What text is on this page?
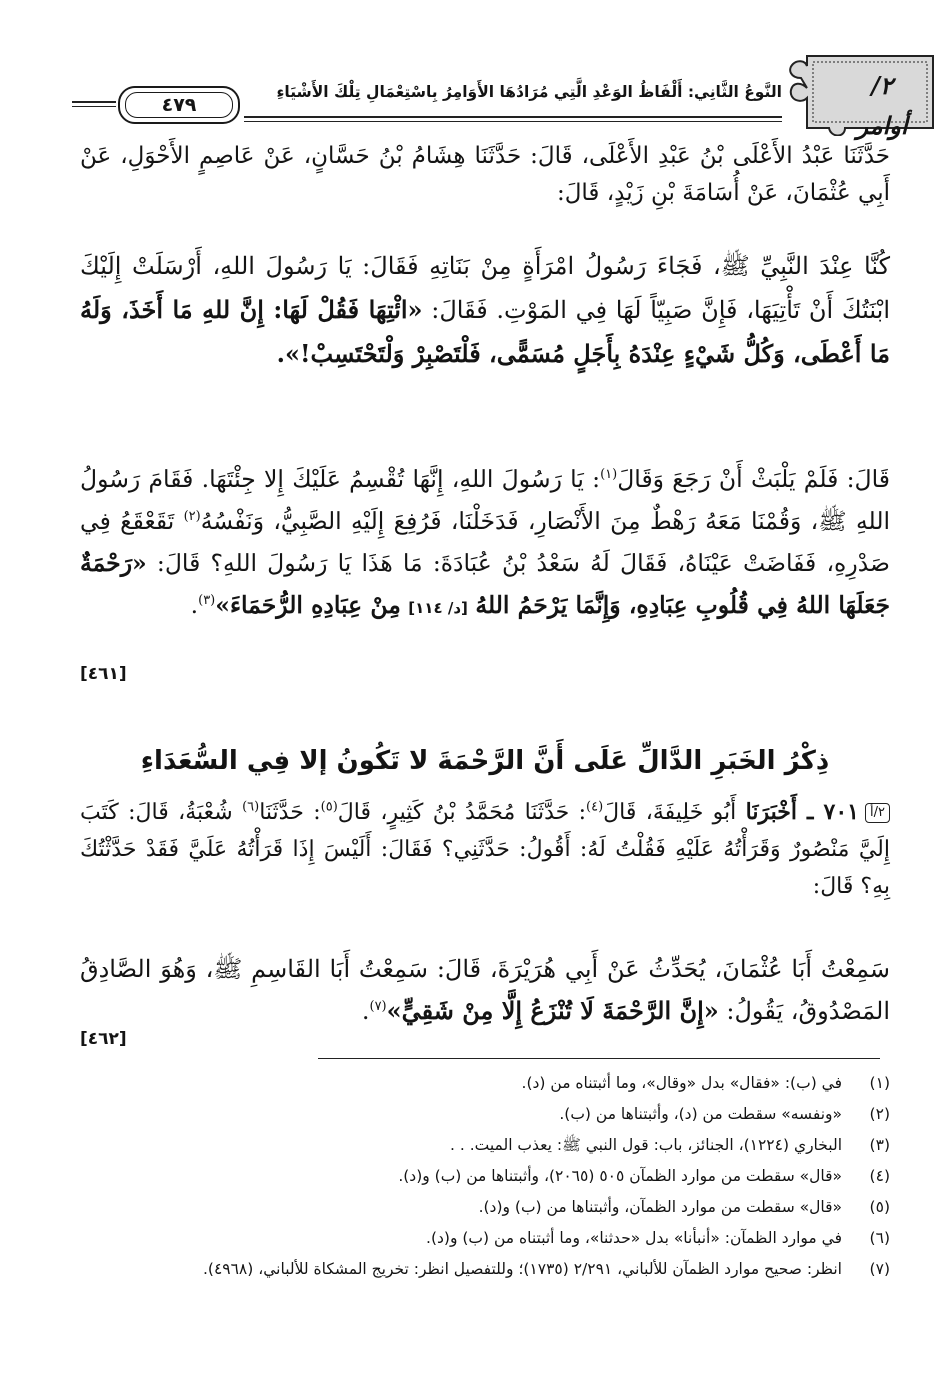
٤٧٩
النَّوعُ الثَّانِي: أَلْفَاظُ الوَعْدِ الَّتِي مُرَادُهَا الأَوَامِرُ بِاسْتِعْمَالِ تِلْكَ الأَشْيَاءِ	٢/أوامر
حَدَّثَنَا عَبْدُ الأَعْلَى بْنُ عَبْدِ الأَعْلَى، قَالَ: حَدَّثَنَا هِشَامُ بْنُ حَسَّانٍ، عَنْ عَاصِمٍ الأَحْوَلِ، عَنْ أَبِي عُثْمَانَ، عَنْ أُسَامَةَ بْنِ زَيْدٍ، قَالَ:
كُنَّا عِنْدَ النَّبِيِّ ﷺ، فَجَاءَ رَسُولُ امْرَأَةٍ مِنْ بَنَاتِهِ فَقَالَ: يَا رَسُولَ اللهِ، أَرْسَلَتْ إِلَيْكَ ابْنَتُكَ أَنْ تَأْتِيَهَا، فَإِنَّ صَبِيّاً لَهَا فِي المَوْتِ. فَقَالَ: «ائْتِهَا فَقُلْ لَهَا: إِنَّ للهِ مَا أَخَذَ، وَلَهُ مَا أَعْطَى، وَكُلُّ شَيْءٍ عِنْدَهُ بِأَجَلٍ مُسَمًّى، فَلْتَصْبِرْ وَلْتَحْتَسِبْ!».
قَالَ: فَلَمْ يَلْبَثْ أَنْ رَجَعَ وَقَالَ$^{(١)}$: يَا رَسُولَ اللهِ، إِنَّهَا تُقْسِمُ عَلَيْكَ إِلا جِئْتَهَا. فَقَامَ رَسُولُ اللهِ ﷺ، وَقُمْنَا مَعَهُ رَهْطٌ مِنَ الأَنْصَارِ، فَدَخَلْنَا، فَرُفِعَ إِلَيْهِ الصَّبِيُّ، وَنَفْسُهُ$^{(٢)}$ تَقَعْقَعُ فِي صَدْرِهِ، فَفَاضَتْ عَيْنَاهُ، فَقَالَ لَهُ سَعْدُ بْنُ عُبَادَةَ: مَا هَذَا يَا رَسُولَ اللهِ؟ قَالَ: «رَحْمَةٌ جَعَلَهَا اللهُ فِي قُلُوبِ عِبَادِهِ، وَإِنَّمَا يَرْحَمُ اللهُ [د/ ١١٤] مِنْ عِبَادِهِ الرُّحَمَاءَ»$^{(٣)}$.
[٤٦١]
ذِكْرُ الخَبَرِ الدَّالِّ عَلَى أَنَّ الرَّحْمَةَ لا تَكُونُ إلا فِي السُّعَدَاءِ
٢/أ٧٠١ ـ أَخْبَرَنَا أَبُو خَلِيفَةَ، قَالَ$^{(٤)}$: حَدَّثَنَا مُحَمَّدُ بْنُ كَثِيرٍ، قَالَ$^{(٥)}$: حَدَّثَنَا$^{(٦)}$ شُعْبَةُ، قَالَ: كَتَبَ إِلَيَّ مَنْصُورٌ وَقَرَأْتُهُ عَلَيْهِ فَقُلْتُ لَهُ: أَقُولُ: حَدَّثَنِي؟ فَقَالَ: أَلَيْسَ إِذَا قَرَأْتُهُ عَلَيَّ فَقَدْ حَدَّثْتُكَ بِهِ؟ قَالَ:
سَمِعْتُ أَبَا عُثْمَانَ، يُحَدِّثُ عَنْ أَبِي هُرَيْرَةَ، قَالَ: سَمِعْتُ أَبَا القَاسِمِ ﷺ، وَهُوَ الصَّادِقُ المَصْدُوقُ، يَقُولُ: «إِنَّ الرَّحْمَةَ لَا تُنْزَعُ إِلَّا مِنْ شَقِيٍّ»$^{(٧)}$.
[٤٦٢]
(١)
في (ب): «فقال» بدل «وقال»، وما أثبتناه من (د).
(٢)
«ونفسه» سقطت من (د)، وأثبتناها من (ب).
(٣)
البخاري (١٢٢٤)، الجنائز، باب: قول النبي ﷺ: يعذب الميت. . .
(٤)
«قال» سقطت من موارد الظمآن ٥٠٥ (٢٠٦٥)، وأثبتناها من (ب) و(د).
(٥)
«قال» سقطت من موارد الظمآن، وأثبتناها من (ب) و(د).
(٦)
في موارد الظمآن: «أنبأنا» بدل «حدثنا»، وما أثبتناه من (ب) و(د).
(٧)
انظر: صحيح موارد الظمآن للألباني، ٢/٢٩١ (١٧٣٥)؛ وللتفصيل انظر: تخريج المشكاة للألباني، (٤٩٦٨).
